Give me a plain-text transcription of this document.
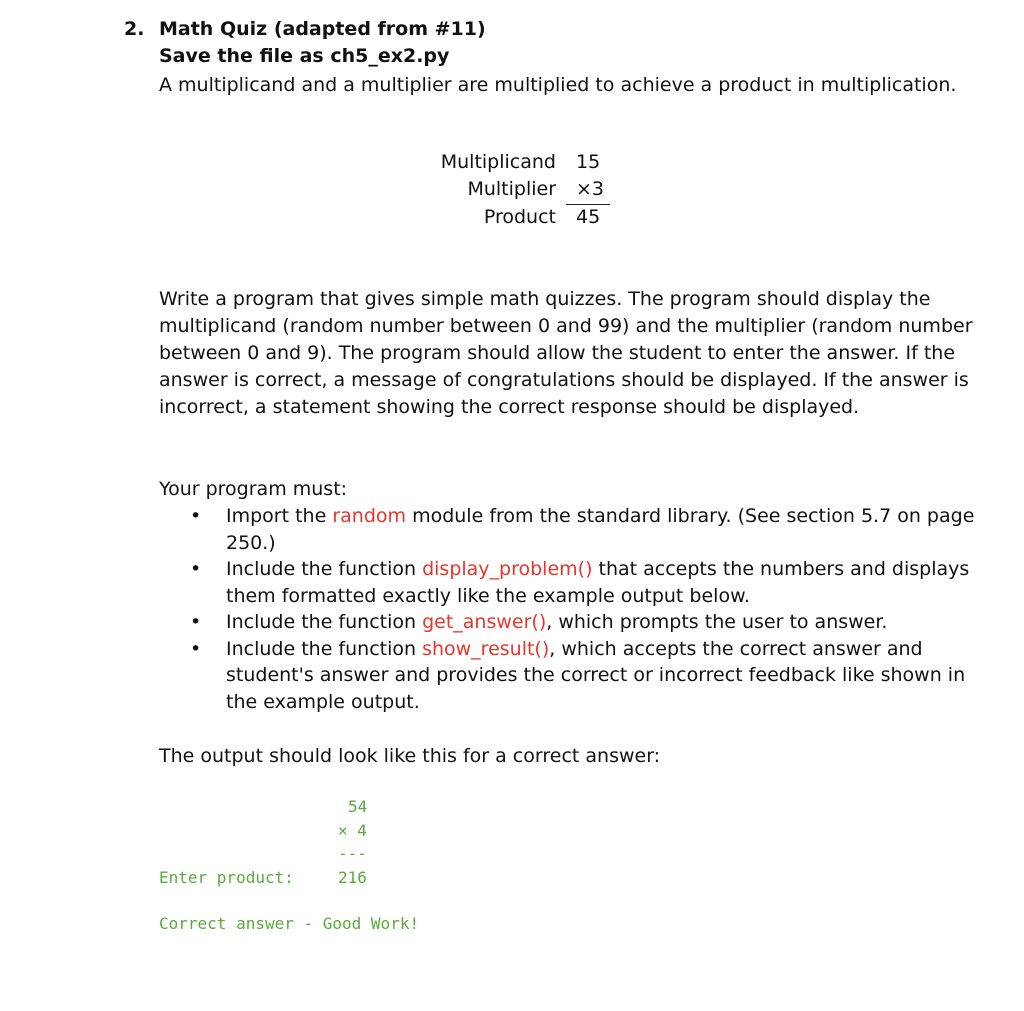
2. Math Quiz (adapted from #11)
Save the file as ch5_ex2.py
A multiplicand and a multiplier are multiplied to achieve a product in multiplication.
Multiplicand 15
Multiplier ×3
Product 45
Write a program that gives simple math quizzes. The program should display the multiplicand (random number between 0 and 99) and the multiplier (random number between 0 and 9). The program should allow the student to enter the answer. If the answer is correct, a message of congratulations should be displayed. If the answer is incorrect, a statement showing the correct response should be displayed.
Your program must:
• Import the random module from the standard library. (See section 5.7 on page 250.)
• Include the function display_problem() that accepts the numbers and displays them formatted exactly like the example output below.
• Include the function get_answer(), which prompts the user to answer.
• Include the function show_result(), which accepts the correct answer and student's answer and provides the correct or incorrect feedback like shown in the example output.
The output should look like this for a correct answer:
54
× 4
---
Enter product:	216
Correct answer - Good Work!
